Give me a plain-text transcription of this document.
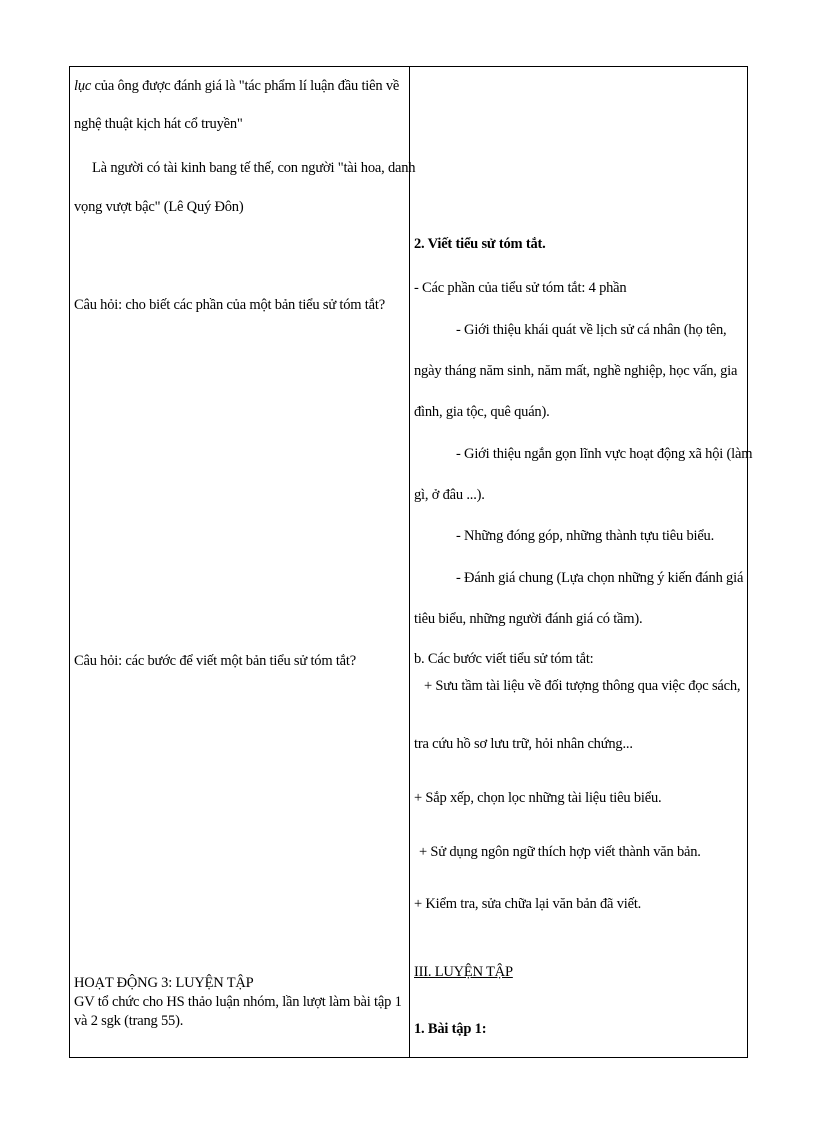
lục của ông được đánh giá là "tác phẩm lí luận đầu tiên về
nghệ thuật kịch hát cổ truyền"
Là người có tài kinh bang tế thế, con người "tài hoa, danh
vọng vượt bậc" (Lê Quý Đôn)
Câu hỏi: cho biết các phần của một bản tiểu sử tóm tắt?
Câu hỏi: các bước để viết một bản tiểu sử tóm tắt?
HOẠT ĐỘNG 3: LUYỆN TẬP
GV tổ chức cho HS thảo luận nhóm, lần lượt làm bài tập 1
và 2 sgk (trang 55).
2. Viết tiểu sử tóm tắt.
- Các phần của tiểu sử tóm tắt: 4 phần
- Giới thiệu khái quát về lịch sử cá nhân (họ tên,
ngày tháng năm sinh, năm mất, nghề nghiệp, học vấn, gia
đình, gia tộc, quê quán).
- Giới thiệu ngắn gọn lĩnh vực hoạt động xã hội (làm
gì, ở đâu ...).
- Những đóng góp, những thành tựu tiêu biểu.
- Đánh giá chung (Lựa chọn những ý kiến đánh giá
tiêu biểu, những người đánh giá có tầm).
b. Các bước viết tiểu sử tóm tắt:
+ Sưu tầm tài liệu về đối tượng thông qua việc đọc sách,
tra cứu hồ sơ lưu trữ, hỏi nhân chứng...
+ Sắp xếp, chọn lọc những tài liệu tiêu biểu.
+ Sử dụng ngôn ngữ thích hợp viết thành văn bản.
+ Kiểm tra, sửa chữa lại văn bản đã viết.
III. LUYỆN TẬP
1. Bài tập 1:
